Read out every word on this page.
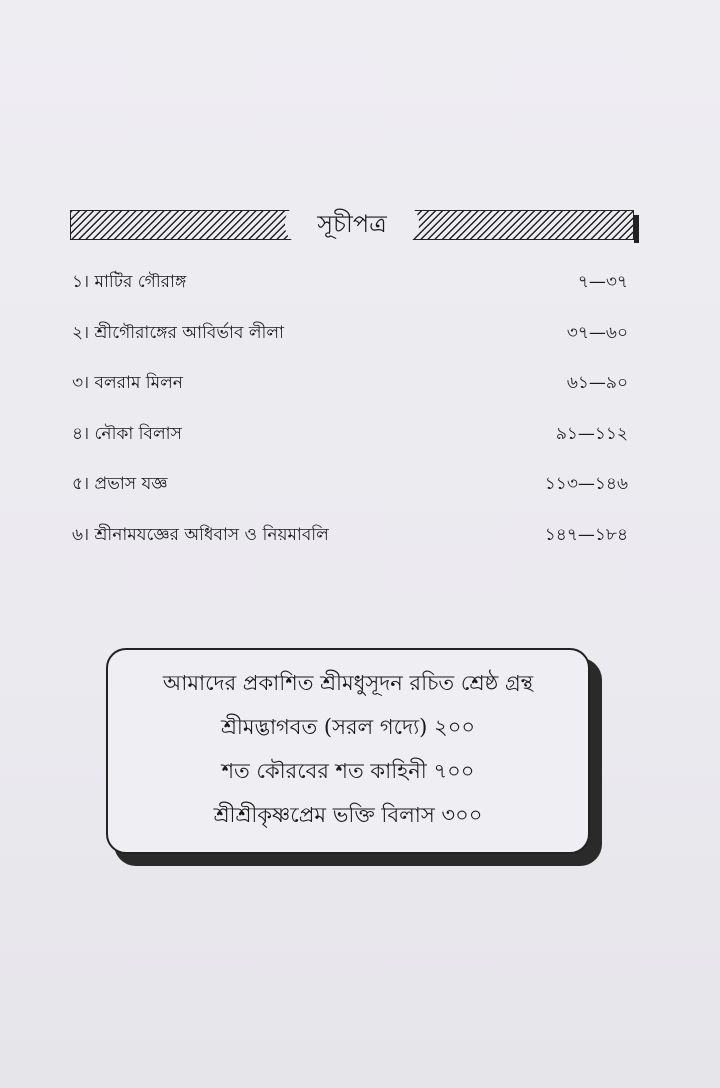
সূচীপত্র
১। মাটির গৌরাঙ্গ	৭—৩৭
২। শ্রীগৌরাঙ্গের আবির্ভাব লীলা	৩৭—৬০
৩। বলরাম মিলন	৬১—৯০
৪। নৌকা বিলাস	৯১—১১২
৫। প্রভাস যজ্ঞ	১১৩—১৪৬
৬। শ্রীনামযজ্ঞের অধিবাস ও নিয়মাবলি	১৪৭—১৮৪
আমাদের প্রকাশিত শ্রীমধুসূদন রচিত শ্রেষ্ঠ গ্রন্থ
শ্রীমদ্ভাগবত (সরল গদ্যে) ২০০
শত কৌরবের শত কাহিনী ৭০০
শ্রীশ্রীকৃষ্ণপ্রেম ভক্তি বিলাস ৩০০
